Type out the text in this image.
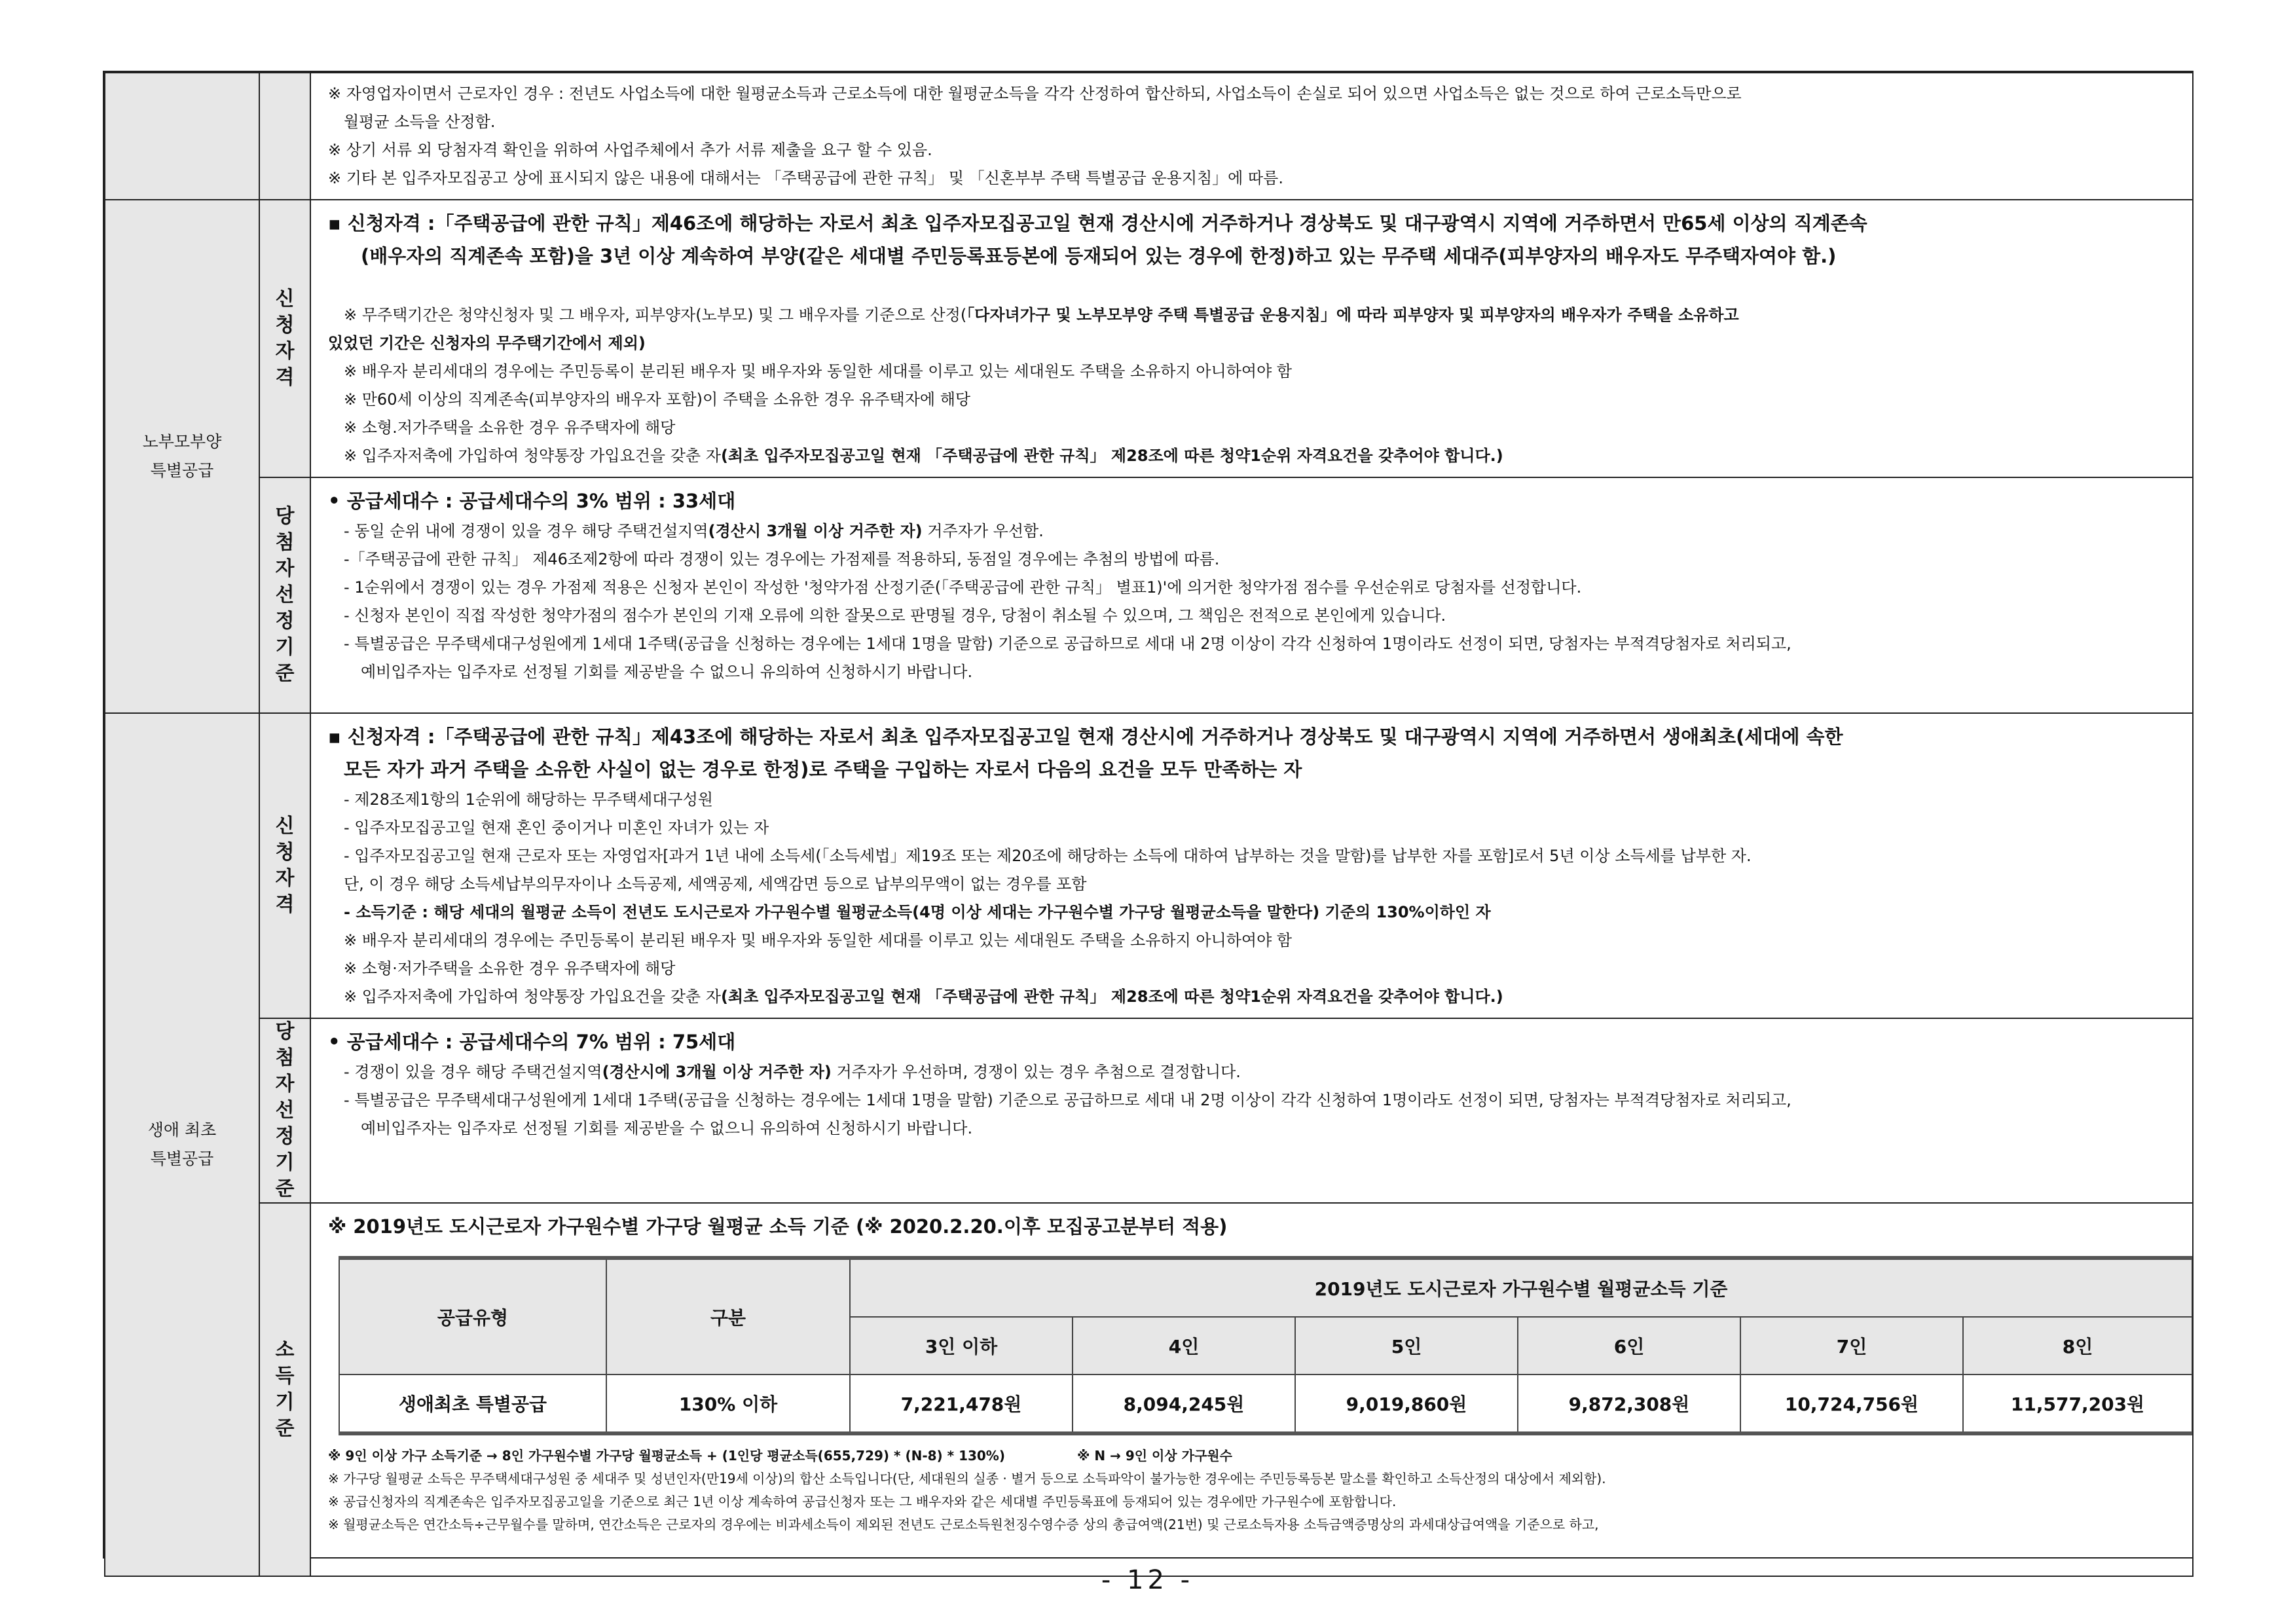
※ 자영업자이면서 근로자인 경우 : 전년도 사업소득에 대한 월평균소득과 근로소득에 대한 월평균소득을 각각 산정하여 합산하되, 사업소득이 손실로 되어 있으면 사업소득은 없는 것으로 하여 근로소득만으로
월평균 소득을 산정함.
※ 상기 서류 외 당첨자격 확인을 위하여 사업주체에서 추가 서류 제출을 요구 할 수 있음.
※ 기타 본 입주자모집공고 상에 표시되지 않은 내용에 대해서는 「주택공급에 관한 규칙」 및 「신혼부부 주택 특별공급 운용지침」에 따름.

노부모부양
특별공급

신
청
자
격

▪ 신청자격 :「주택공급에 관한 규칙」제46조에 해당하는 자로서 최초 입주자모집공고일 현재 경산시에 거주하거나 경상북도 및 대구광역시 지역에 거주하면서 만65세 이상의 직계존속
(배우자의 직계존속 포함)을 3년 이상 계속하여 부양(같은 세대별 주민등록표등본에 등재되어 있는 경우에 한정)하고 있는 무주택 세대주(피부양자의 배우자도 무주택자여야 함.)
※ 무주택기간은 청약신청자 및 그 배우자, 피부양자(노부모) 및 그 배우자를 기준으로 산정(「다자녀가구 및 노부모부양 주택 특별공급 운용지침」에 따라 피부양자 및 피부양자의 배우자가 주택을 소유하고
있었던 기간은 신청자의 무주택기간에서 제외)
※ 배우자 분리세대의 경우에는 주민등록이 분리된 배우자 및 배우자와 동일한 세대를 이루고 있는 세대원도 주택을 소유하지 아니하여야 함
※ 만60세 이상의 직계존속(피부양자의 배우자 포함)이 주택을 소유한 경우 유주택자에 해당
※ 소형.저가주택을 소유한 경우 유주택자에 해당
※ 입주자저축에 가입하여 청약통장 가입요건을 갖춘 자(최초 입주자모집공고일 현재 「주택공급에 관한 규칙」 제28조에 따른 청약1순위 자격요건을 갖추어야 합니다.)

당
첨
자
선
정
기
준

• 공급세대수 : 공급세대수의 3% 범위 : 33세대
- 동일 순위 내에 경쟁이 있을 경우 해당 주택건설지역(경산시 3개월 이상 거주한 자) 거주자가 우선함.
-「주택공급에 관한 규칙」 제46조제2항에 따라 경쟁이 있는 경우에는 가점제를 적용하되, 동점일 경우에는 추첨의 방법에 따름.
- 1순위에서 경쟁이 있는 경우 가점제 적용은 신청자 본인이 작성한 '청약가점 산정기준(「주택공급에 관한 규칙」 별표1)'에 의거한 청약가점 점수를 우선순위로 당첨자를 선정합니다.
- 신청자 본인이 직접 작성한 청약가점의 점수가 본인의 기재 오류에 의한 잘못으로 판명될 경우, 당첨이 취소될 수 있으며, 그 책임은 전적으로 본인에게 있습니다.
- 특별공급은 무주택세대구성원에게 1세대 1주택(공급을 신청하는 경우에는 1세대 1명을 말함) 기준으로 공급하므로 세대 내 2명 이상이 각각 신청하여 1명이라도 선정이 되면, 당첨자는 부적격당첨자로 처리되고,
예비입주자는 입주자로 선정될 기회를 제공받을 수 없으니 유의하여 신청하시기 바랍니다.

생애 최초
특별공급

신
청
자
격

▪ 신청자격 :「주택공급에 관한 규칙」제43조에 해당하는 자로서 최초 입주자모집공고일 현재 경산시에 거주하거나 경상북도 및 대구광역시 지역에 거주하면서 생애최초(세대에 속한
모든 자가 과거 주택을 소유한 사실이 없는 경우로 한정)로 주택을 구입하는 자로서 다음의 요건을 모두 만족하는 자
- 제28조제1항의 1순위에 해당하는 무주택세대구성원
- 입주자모집공고일 현재 혼인 중이거나 미혼인 자녀가 있는 자
- 입주자모집공고일 현재 근로자 또는 자영업자[과거 1년 내에 소득세(「소득세법」제19조 또는 제20조에 해당하는 소득에 대하여 납부하는 것을 말함)를 납부한 자를 포함]로서 5년 이상 소득세를 납부한 자.
단, 이 경우 해당 소득세납부의무자이나 소득공제, 세액공제, 세액감면 등으로 납부의무액이 없는 경우를 포함
- 소득기준 : 해당 세대의 월평균 소득이 전년도 도시근로자 가구원수별 월평균소득(4명 이상 세대는 가구원수별 가구당 월평균소득을 말한다) 기준의 130%이하인 자
※ 배우자 분리세대의 경우에는 주민등록이 분리된 배우자 및 배우자와 동일한 세대를 이루고 있는 세대원도 주택을 소유하지 아니하여야 함
※ 소형·저가주택을 소유한 경우 유주택자에 해당
※ 입주자저축에 가입하여 청약통장 가입요건을 갖춘 자(최초 입주자모집공고일 현재 「주택공급에 관한 규칙」 제28조에 따른 청약1순위 자격요건을 갖추어야 합니다.)

당
첨
자
선
정
기
준

• 공급세대수 : 공급세대수의 7% 범위 : 75세대
- 경쟁이 있을 경우 해당 주택건설지역(경산시에 3개월 이상 거주한 자) 거주자가 우선하며, 경쟁이 있는 경우 추첨으로 결정합니다.
- 특별공급은 무주택세대구성원에게 1세대 1주택(공급을 신청하는 경우에는 1세대 1명을 말함) 기준으로 공급하므로 세대 내 2명 이상이 각각 신청하여 1명이라도 선정이 되면, 당첨자는 부적격당첨자로 처리되고,
예비입주자는 입주자로 선정될 기회를 제공받을 수 없으니 유의하여 신청하시기 바랍니다.

소
득
기
준

※ 2019년도 도시근로자 가구원수별 가구당 월평균 소득 기준 (※ 2020.2.20.이후 모집공고분부터 적용)
공급유형	구분	2019년도 도시근로자 가구원수별 월평균소득 기준
3인 이하	4인	5인	6인	7인	8인
생애최초 특별공급	130% 이하	7,221,478원	8,094,245원	9,019,860원	9,872,308원	10,724,756원	11,577,203원
※ 9인 이상 가구 소득기준 → 8인 가구원수별 가구당 월평균소득 + (1인당 평균소득(655,729) * (N-8) * 130%)	※ N → 9인 이상 가구원수
※ 가구당 월평균 소득은 무주택세대구성원 중 세대주 및 성년인자(만19세 이상)의 합산 소득입니다(단, 세대원의 실종 · 별거 등으로 소득파악이 불가능한 경우에는 주민등록등본 말소를 확인하고 소득산정의 대상에서 제외함).
※ 공급신청자의 직계존속은 입주자모집공고일을 기준으로 최근 1년 이상 계속하여 공급신청자 또는 그 배우자와 같은 세대별 주민등록표에 등재되어 있는 경우에만 가구원수에 포함합니다.
※ 월평균소득은 연간소득÷근무월수를 말하며, 연간소득은 근로자의 경우에는 비과세소득이 제외된 전년도 근로소득원천징수영수증 상의 총급여액(21번) 및 근로소득자용 소득금액증명상의 과세대상급여액을 기준으로 하고,
- 12 -
